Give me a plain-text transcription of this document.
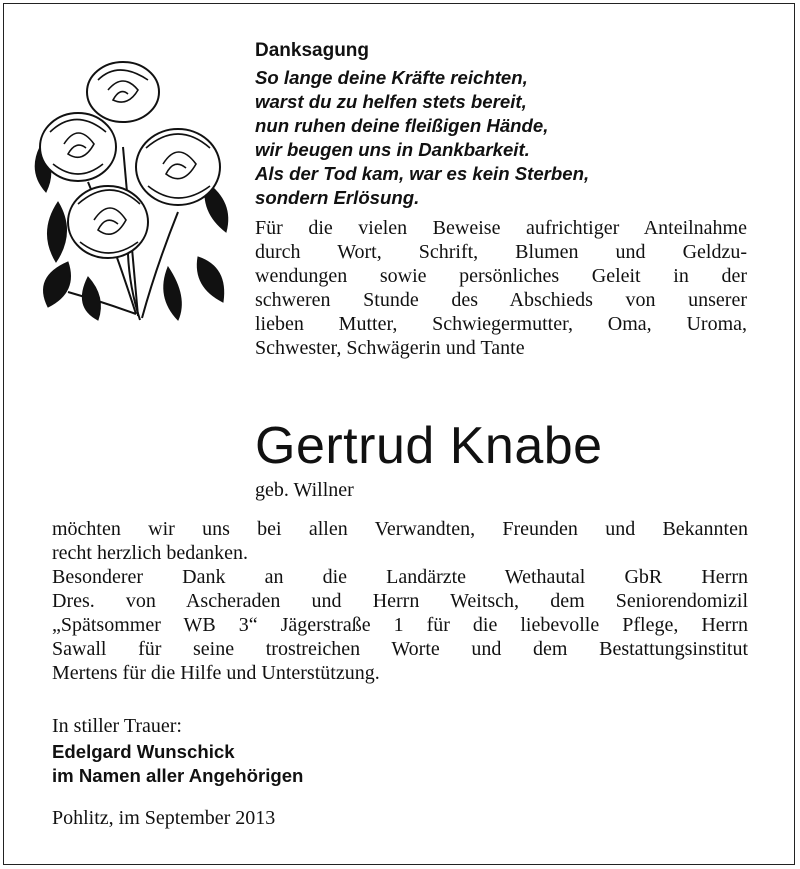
Danksagung
So lange deine Kräfte reichten,
warst du zu helfen stets bereit,
nun ruhen deine fleißigen Hände,
wir beugen uns in Dankbarkeit.
Als der Tod kam, war es kein Sterben,
sondern Erlösung.
Für die vielen Beweise aufrichtiger Anteilnahme
durch Wort, Schrift, Blumen und Geldzu-
wendungen sowie persönliches Geleit in der
schweren Stunde des Abschieds von unserer
lieben Mutter, Schwiegermutter, Oma, Uroma,
Schwester, Schwägerin und Tante
Gertrud Knabe
geb. Willner
möchten wir uns bei allen Verwandten, Freunden und Bekannten
recht herzlich bedanken.
Besonderer Dank an die Landärzte Wethautal GbR Herrn
Dres. von Ascheraden und Herrn Weitsch, dem Seniorendomizil
„Spätsommer WB 3“ Jägerstraße 1 für die liebevolle Pflege, Herrn
Sawall für seine trostreichen Worte und dem Bestattungsinstitut
Mertens für die Hilfe und Unterstützung.
In stiller Trauer:
Edelgard Wunschick
im Namen aller Angehörigen
Pohlitz, im September 2013
